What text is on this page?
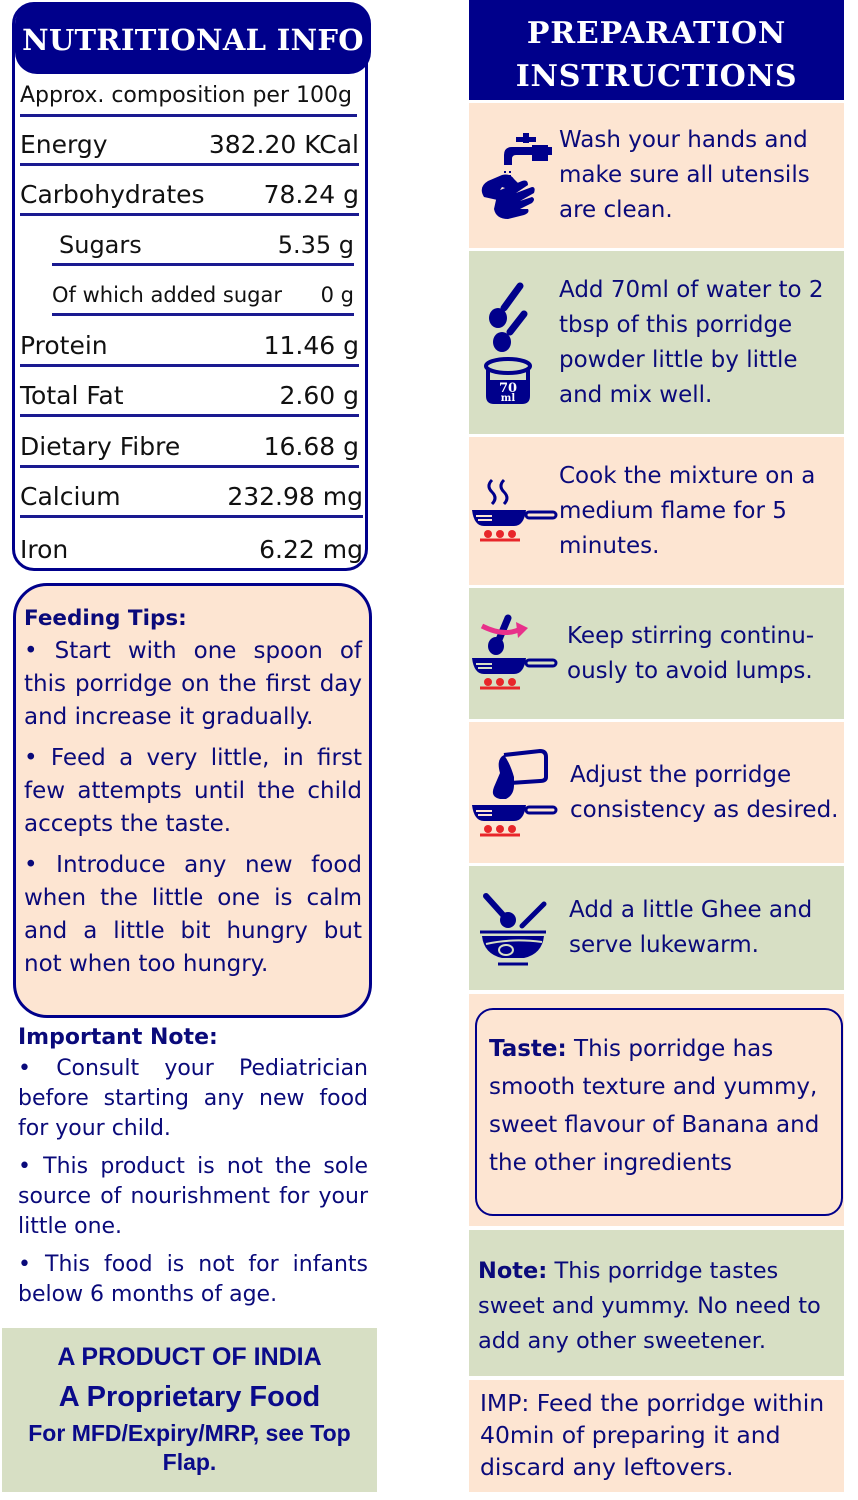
NUTRITIONAL INFO
Approx. composition per 100g
Energy	382.20 KCal
Carbohydrates 78.24 g
Sugars	5.35 g
Of which added sugar 0 g
Protein	11.46 g
Total Fat	2.60 g
Dietary Fibre	16.68 g
Calcium	232.98 mg
Iron	6.22 mg
Feeding Tips:

• Start with one spoon of this porridge on the first day and increase it gradually.

• Feed a very little, in first few attempts until the child accepts the taste.

• Introduce any new food when the little one is calm and a little bit hungry but not when too hungry.

Important Note:

• Consult your Pediatrician before starting any new food for your child.

• This product is not the sole source of nourishment for your little one.

• This food is not for infants below 6 months of age.

A PRODUCT OF INDIA
A Proprietary Food
For MFD/Expiry/MRP, see Top Flap.
PREPARATION
INSTRUCTIONS
Wash your hands and make sure all utensils are clean.
70
ml
Add 70ml of water to 2 tbsp of this porridge powder little by little and mix well.
Cook the mixture on a medium flame for 5 minutes.
Keep stirring continu- ously to avoid lumps.
Adjust the porridge consistency as desired.
Add a little Ghee and serve lukewarm.
Taste: This porridge has smooth texture and yummy, sweet flavour of Banana and the other ingredients
Note: This porridge tastes sweet and yummy. No need to add any other sweetener.
IMP: Feed the porridge within 40min of preparing it and discard any leftovers.
